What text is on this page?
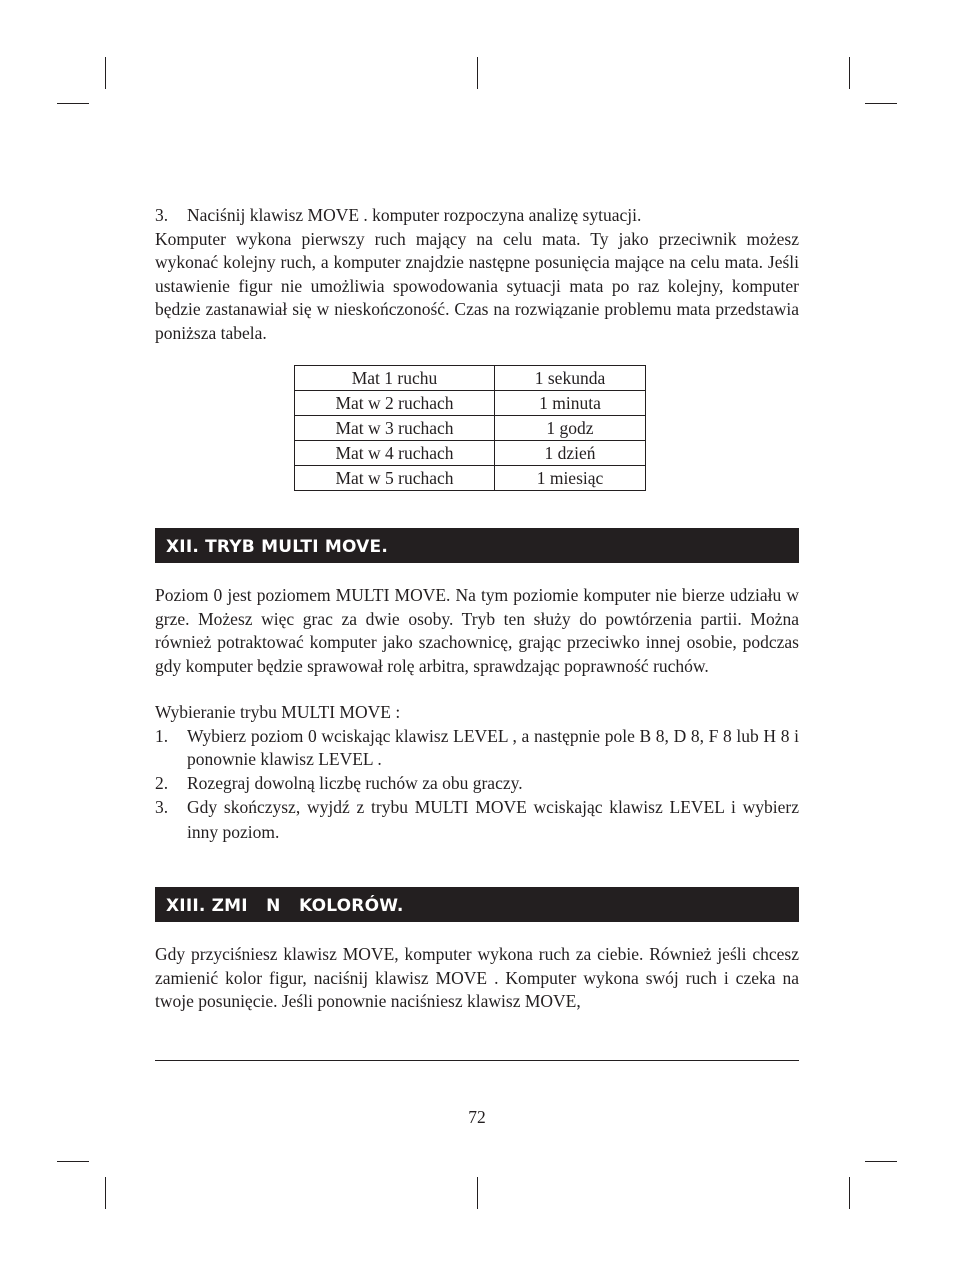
3. Naciśnij klawisz MOVE . komputer rozpoczyna analizę sytuacji.

Komputer wykona pierwszy ruch mający na celu mata. Ty jako przeciwnik możesz wykonać kolejny ruch, a komputer znajdzie następne posunięcia mające na celu mata. Jeśli ustawienie figur nie umożliwia spowodowania sytuacji mata po raz kolejny, komputer będzie zastanawiał się w nieskończoność. Czas na rozwiązanie problemu mata przedstawia poniższa tabela.

Mat 1 ruchu	1 sekunda
Mat w 2 ruchach	1 minuta
Mat w 3 ruchach	1 godz
Mat w 4 ruchach	1 dzień
Mat w 5 ruchach	1 miesiąc
XII. TRYB MULTI MOVE.

Poziom 0 jest poziomem MULTI MOVE. Na tym poziomie komputer nie bierze udziału w grze. Możesz więc grac za dwie osoby. Tryb ten służy do powtórzenia partii. Można również potraktować komputer jako szachownicę, grając przeciwko innej osobie, podczas gdy komputer będzie sprawował rolę arbitra, sprawdzając poprawność ruchów.

Wybieranie trybu MULTI MOVE :

1. Wybierz poziom 0 wciskając klawisz LEVEL , a następnie pole B 8, D 8, F 8 lub H 8 i ponownie klawisz LEVEL .
2. Rozegraj dowolną liczbę ruchów za obu graczy.
3. Gdy skończysz, wyjdź z trybu MULTI MOVE wciskając klawisz LEVEL i wybierz inny poziom.
XIII. ZMI   N   KOLORÓW.

Gdy przyciśniesz klawisz MOVE, komputer wykona ruch za ciebie. Również jeśli chcesz zamienić kolor figur, naciśnij klawisz MOVE . Komputer wykona swój ruch i czeka na twoje posunięcie. Jeśli ponownie naciśniesz klawisz MOVE,

72
